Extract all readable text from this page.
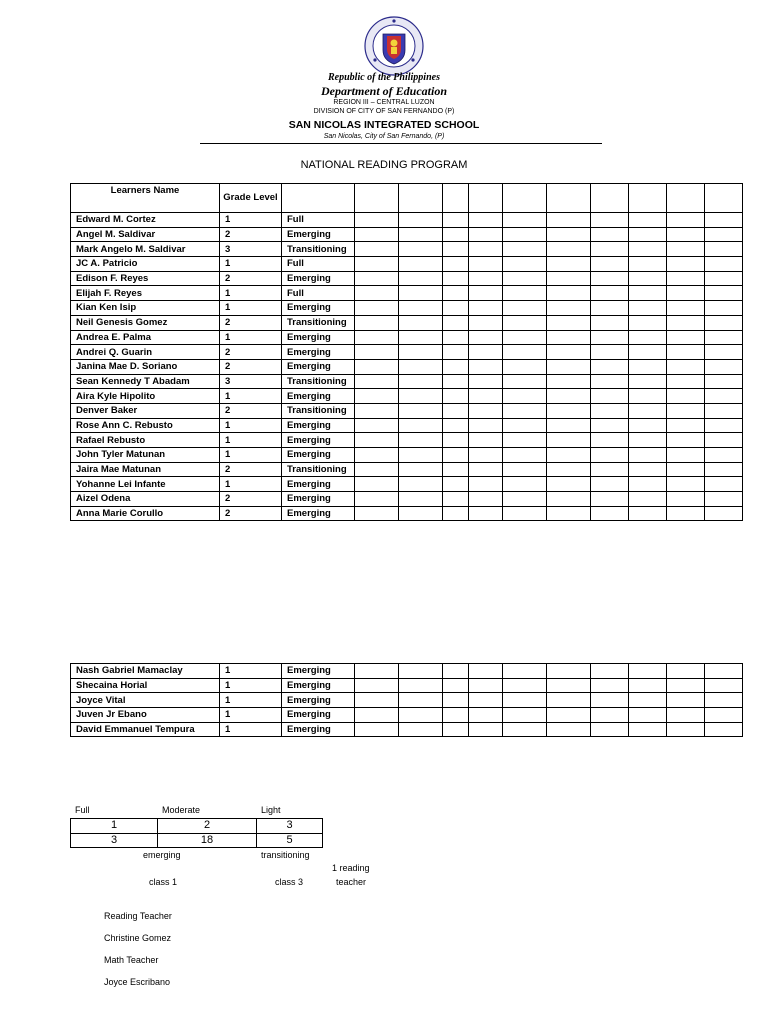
Republic of the Philippines
Department of Education
REGION III – CENTRAL LUZON
DIVISION OF CITY OF SAN FERNANDO (P)
SAN NICOLAS INTEGRATED SCHOOL
San Nicolas, City of San Fernando, (P)
NATIONAL READING PROGRAM
Learners Name	Grade Level											
Edward M. Cortez	1	Full										
Angel M. Saldivar	2	Emerging										
Mark Angelo M. Saldivar	3	Transitioning										
JC A. Patricio	1	Full										
Edison F. Reyes	2	Emerging										
Elijah F. Reyes	1	Full										
Kian Ken Isip	1	Emerging										
Neil Genesis Gomez	2	Transitioning										
Andrea E. Palma	1	Emerging										
Andrei Q. Guarin	2	Emerging										
Janina Mae D. Soriano	2	Emerging										
Sean Kennedy T Abadam	3	Transitioning										
Aira Kyle Hipolito	1	Emerging										
Denver Baker	2	Transitioning										
Rose Ann C. Rebusto	1	Emerging										
Rafael Rebusto	1	Emerging										
John Tyler Matunan	1	Emerging										
Jaira Mae Matunan	2	Transitioning										
Yohanne Lei Infante	1	Emerging										
Aizel Odena	2	Emerging										
Anna Marie Corullo	2	Emerging										
Nash Gabriel Mamaclay	1	Emerging										
Shecaina Horial	1	Emerging										
Joyce Vital	1	Emerging										
Juven Jr Ebano	1	Emerging										
David Emmanuel Tempura	1	Emerging										
Full	Moderate	Light
1	2	3
3	18	5
emerging	transitioning
1 reading
class 1	class 3	teacher
Reading Teacher
Christine Gomez
Math Teacher
Joyce Escribano
